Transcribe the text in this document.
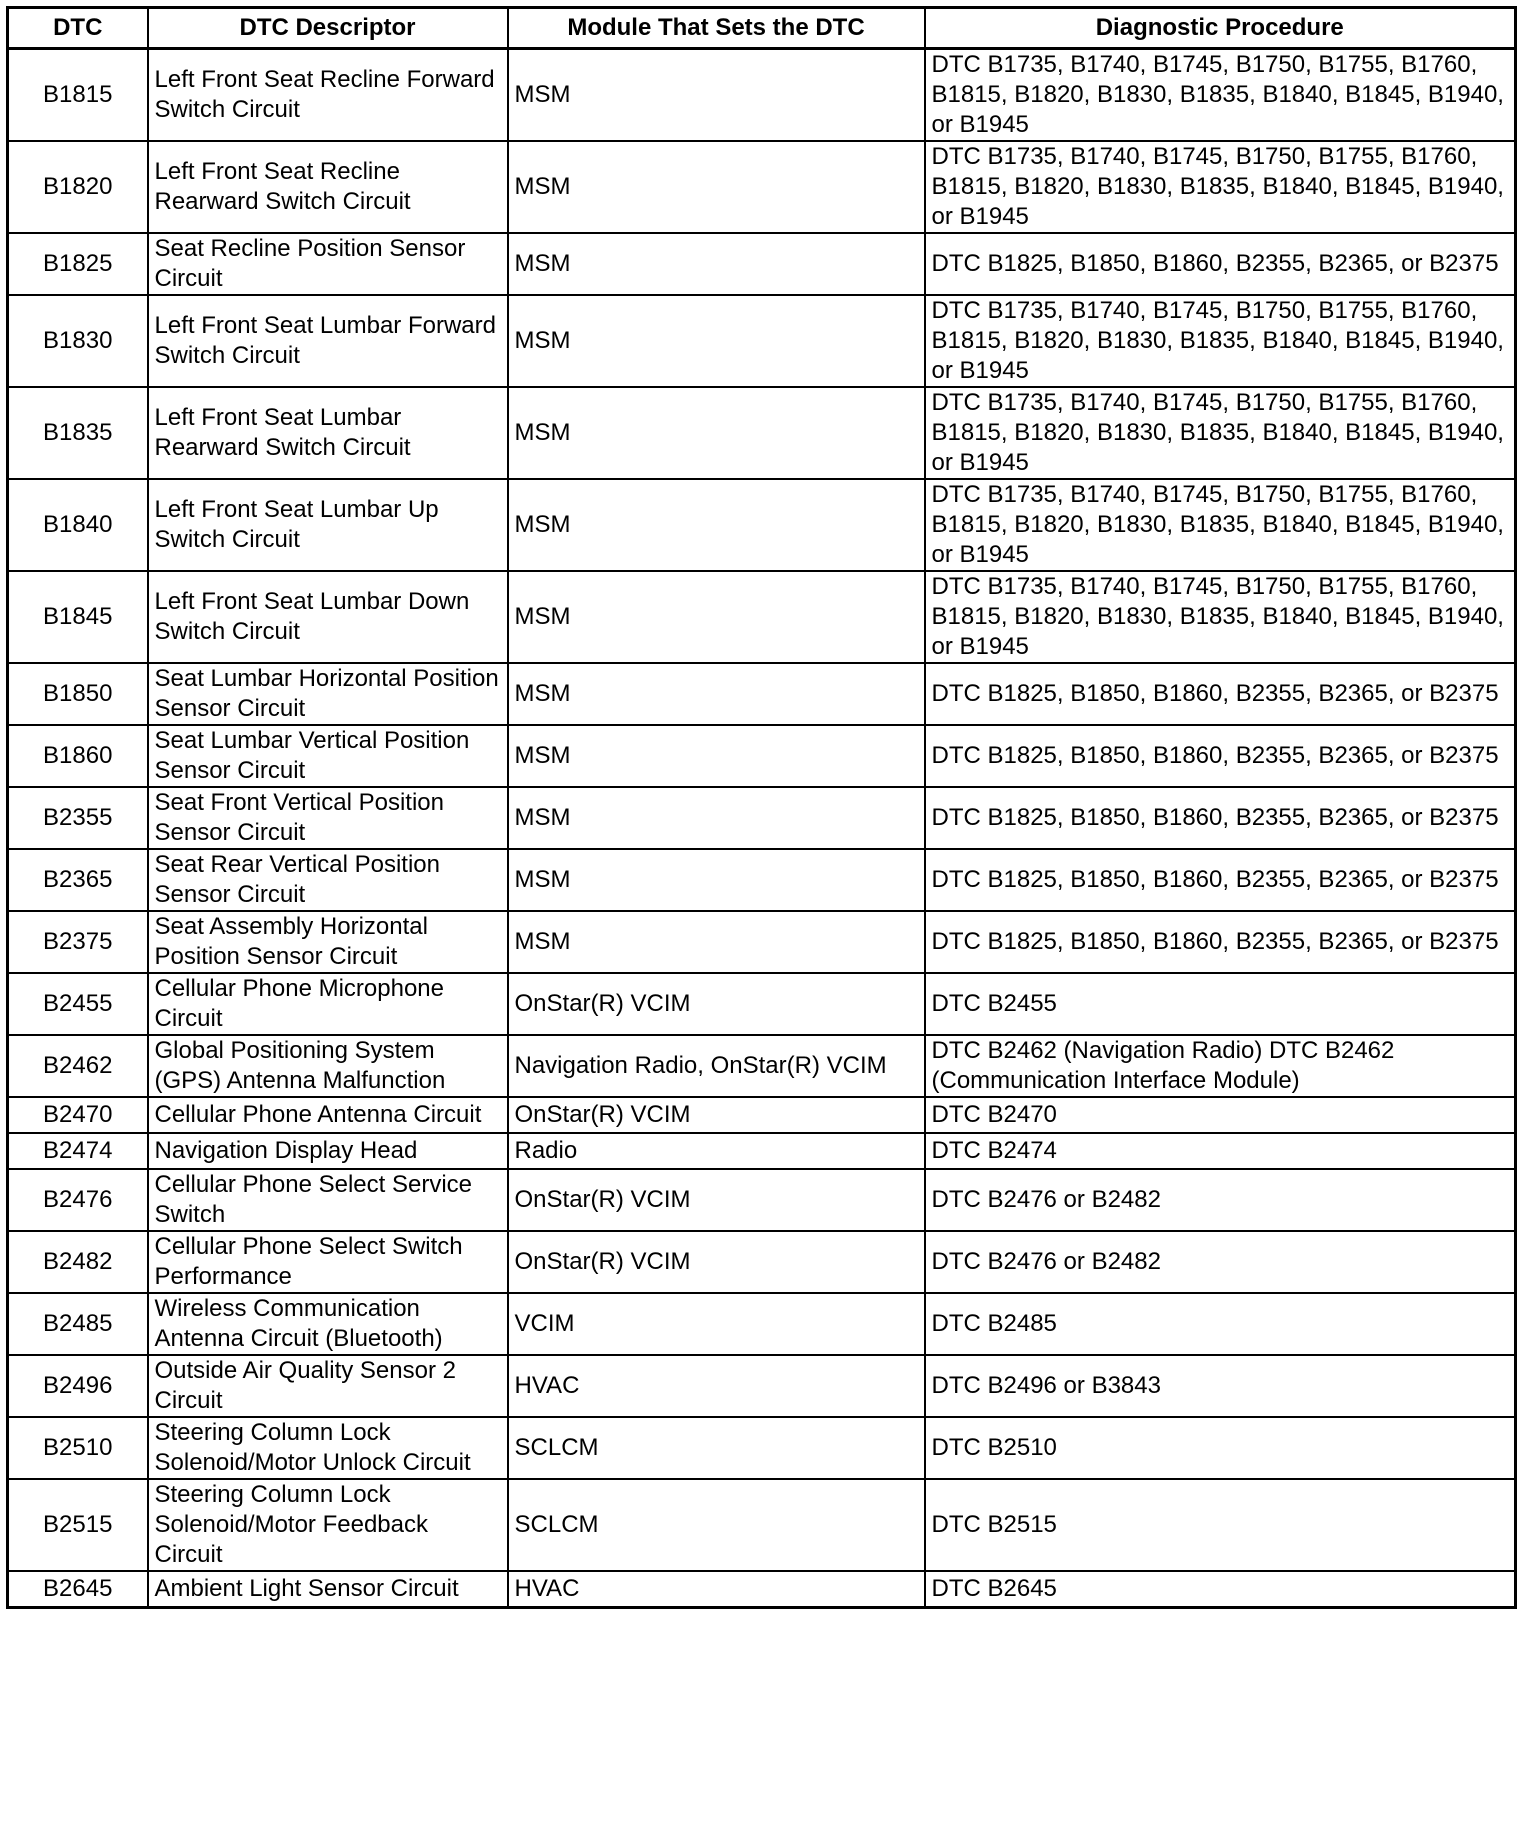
DTC	DTC Descriptor	Module That Sets the DTC	Diagnostic Procedure
B1815	Left Front Seat Recline Forward Switch Circuit	MSM	DTC B1735, B1740, B1745, B1750, B1755, B1760, B1815, B1820, B1830, B1835, B1840, B1845, B1940, or B1945
B1820	Left Front Seat Recline Rearward Switch Circuit	MSM	DTC B1735, B1740, B1745, B1750, B1755, B1760, B1815, B1820, B1830, B1835, B1840, B1845, B1940, or B1945
B1825	Seat Recline Position Sensor Circuit	MSM	DTC B1825, B1850, B1860, B2355, B2365, or B2375
B1830	Left Front Seat Lumbar Forward Switch Circuit	MSM	DTC B1735, B1740, B1745, B1750, B1755, B1760, B1815, B1820, B1830, B1835, B1840, B1845, B1940, or B1945
B1835	Left Front Seat Lumbar Rearward Switch Circuit	MSM	DTC B1735, B1740, B1745, B1750, B1755, B1760, B1815, B1820, B1830, B1835, B1840, B1845, B1940, or B1945
B1840	Left Front Seat Lumbar Up Switch Circuit	MSM	DTC B1735, B1740, B1745, B1750, B1755, B1760, B1815, B1820, B1830, B1835, B1840, B1845, B1940, or B1945
B1845	Left Front Seat Lumbar Down Switch Circuit	MSM	DTC B1735, B1740, B1745, B1750, B1755, B1760, B1815, B1820, B1830, B1835, B1840, B1845, B1940, or B1945
B1850	Seat Lumbar Horizontal Position Sensor Circuit	MSM	DTC B1825, B1850, B1860, B2355, B2365, or B2375
B1860	Seat Lumbar Vertical Position Sensor Circuit	MSM	DTC B1825, B1850, B1860, B2355, B2365, or B2375
B2355	Seat Front Vertical Position Sensor Circuit	MSM	DTC B1825, B1850, B1860, B2355, B2365, or B2375
B2365	Seat Rear Vertical Position Sensor Circuit	MSM	DTC B1825, B1850, B1860, B2355, B2365, or B2375
B2375	Seat Assembly Horizontal Position Sensor Circuit	MSM	DTC B1825, B1850, B1860, B2355, B2365, or B2375
B2455	Cellular Phone Microphone Circuit	OnStar(R) VCIM	DTC B2455
B2462	Global Positioning System (GPS) Antenna Malfunction	Navigation Radio, OnStar(R) VCIM	DTC B2462 (Navigation Radio) DTC B2462 (Communication Interface Module)
B2470	Cellular Phone Antenna Circuit	OnStar(R) VCIM	DTC B2470
B2474	Navigation Display Head	Radio	DTC B2474
B2476	Cellular Phone Select Service Switch	OnStar(R) VCIM	DTC B2476 or B2482
B2482	Cellular Phone Select Switch Performance	OnStar(R) VCIM	DTC B2476 or B2482
B2485	Wireless Communication Antenna Circuit (Bluetooth)	VCIM	DTC B2485
B2496	Outside Air Quality Sensor 2 Circuit	HVAC	DTC B2496 or B3843
B2510	Steering Column Lock Solenoid/Motor Unlock Circuit	SCLCM	DTC B2510
B2515	Steering Column Lock Solenoid/Motor Feedback Circuit	SCLCM	DTC B2515
B2645	Ambient Light Sensor Circuit	HVAC	DTC B2645
